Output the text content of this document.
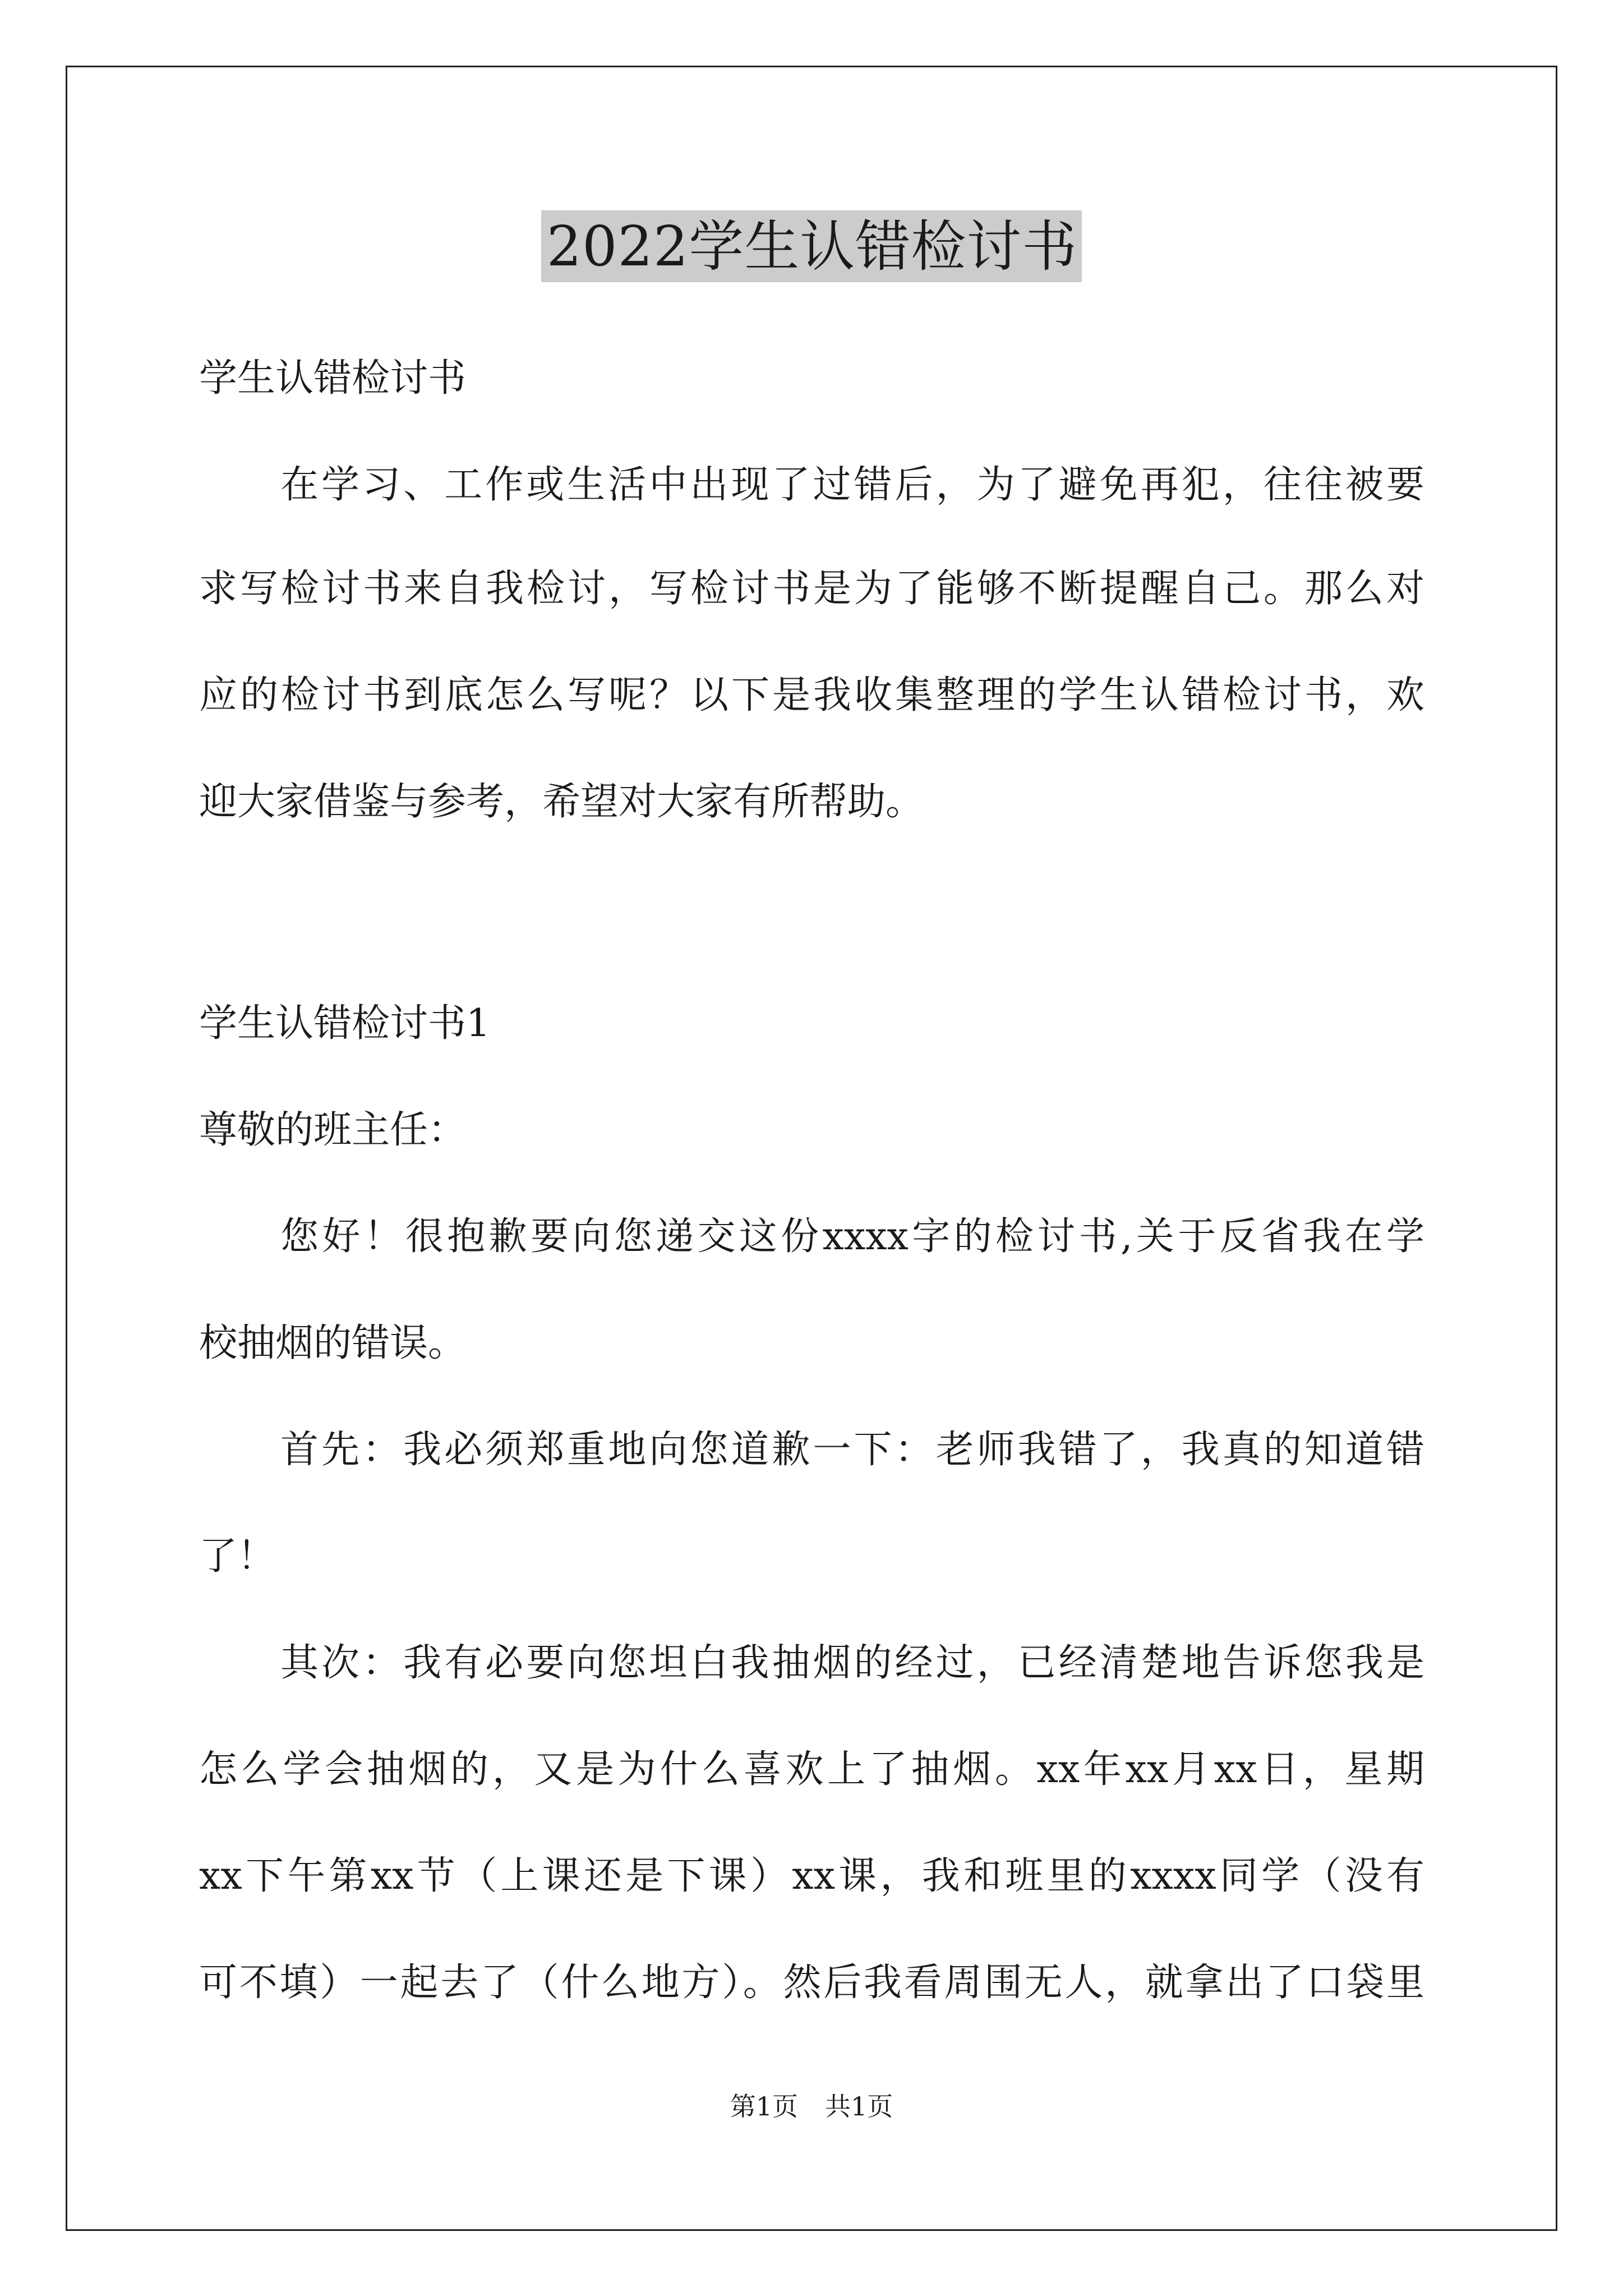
2022学生认错检讨书
学生认错检讨书
在学习、工作或生活中出现了过错后，为了避免再犯，往往被要
求写检讨书来自我检讨，写检讨书是为了能够不断提醒自己。那么对
应的检讨书到底怎么写呢？以下是我收集整理的学生认错检讨书，欢
迎大家借鉴与参考，希望对大家有所帮助。
学生认错检讨书1
尊敬的班主任：
您好！很抱歉要向您递交这份xxxx字的检讨书,关于反省我在学
校抽烟的错误。
首先：我必须郑重地向您道歉一下：老师我错了，我真的知道错
了！
其次：我有必要向您坦白我抽烟的经过，已经清楚地告诉您我是
怎么学会抽烟的，又是为什么喜欢上了抽烟。xx年xx月xx日，星期
xx下午第xx节（上课还是下课）xx课，我和班里的xxxx同学（没有
可不填）一起去了（什么地方）。然后我看周围无人，就拿出了口袋里
第1页 共1页
